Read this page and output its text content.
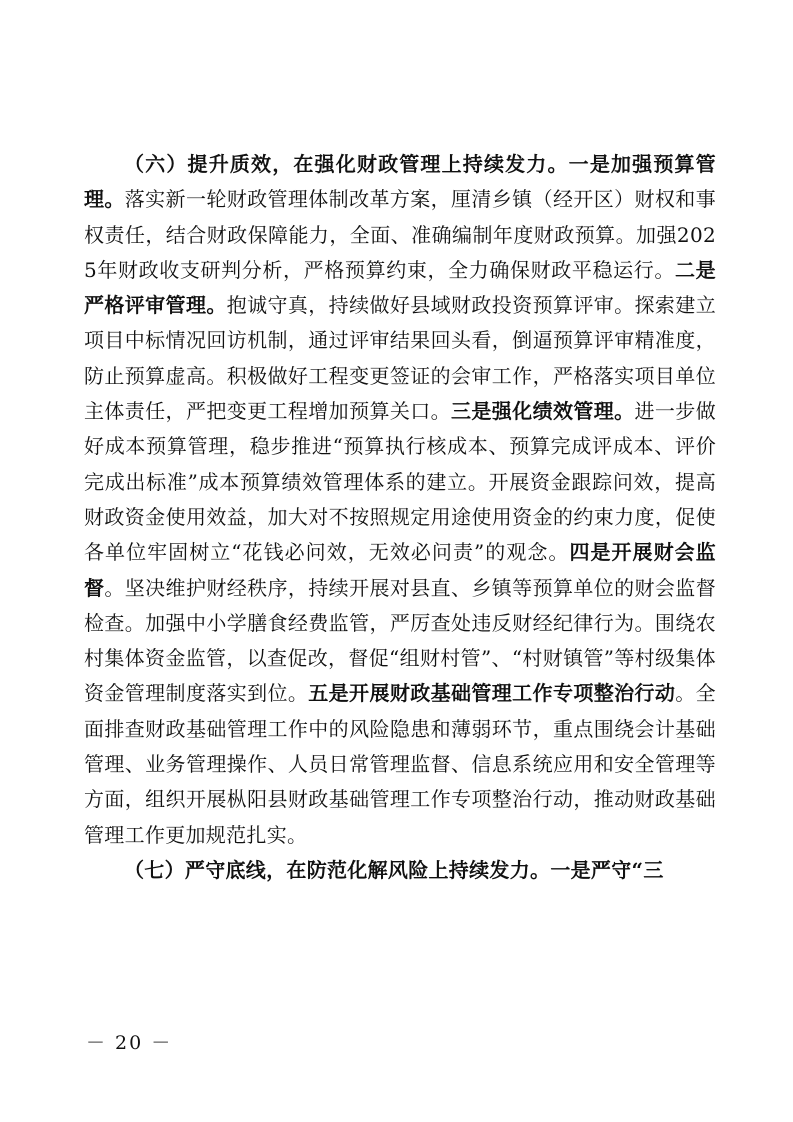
（六）提升质效，在强化财政管理上持续发力。一是加强预算管理。落实新一轮财政管理体制改革方案，厘清乡镇（经开区）财权和事权责任，结合财政保障能力，全面、准确编制年度财政预算。加强2025年财政收支研判分析，严格预算约束，全力确保财政平稳运行。二是严格评审管理。抱诚守真，持续做好县域财政投资预算评审。探索建立项目中标情况回访机制，通过评审结果回头看，倒逼预算评审精准度，防止预算虚高。积极做好工程变更签证的会审工作，严格落实项目单位主体责任，严把变更工程增加预算关口。三是强化绩效管理。进一步做好成本预算管理，稳步推进“预算执行核成本、预算完成评成本、评价完成出标准”成本预算绩效管理体系的建立。开展资金跟踪问效，提高财政资金使用效益，加大对不按照规定用途使用资金的约束力度，促使各单位牢固树立“花钱必问效，无效必问责”的观念。四是开展财会监督。坚决维护财经秩序，持续开展对县直、乡镇等预算单位的财会监督检查。加强中小学膳食经费监管，严厉查处违反财经纪律行为。围绕农村集体资金监管，以查促改，督促“组财村管”、“村财镇管”等村级集体资金管理制度落实到位。五是开展财政基础管理工作专项整治行动。全面排查财政基础管理工作中的风险隐患和薄弱环节，重点围绕会计基础管理、业务管理操作、人员日常管理监督、信息系统应用和安全管理等方面，组织开展枞阳县财政基础管理工作专项整治行动，推动财政基础管理工作更加规范扎实。

（七）严守底线，在防范化解风险上持续发力。一是严守“三

－ 20 －
